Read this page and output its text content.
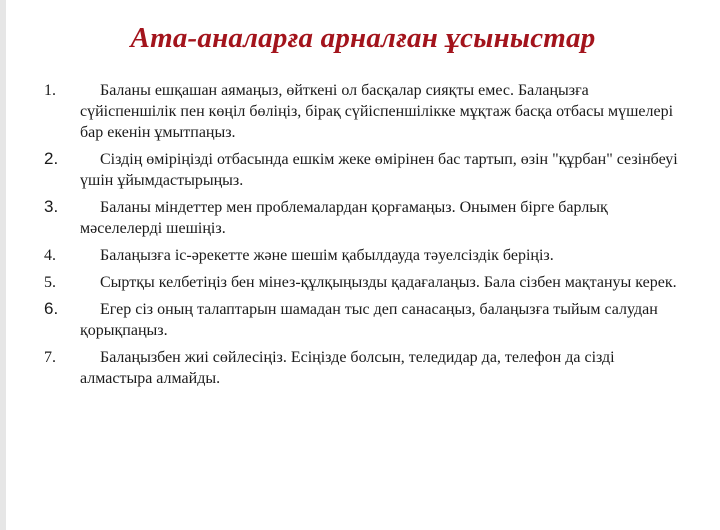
Ата-аналарға арналған ұсыныстар
1.	Баланы ешқашан аямаңыз, өйткені ол басқалар сияқты емес. Балаңызға сүйіспеншілік пен көңіл бөліңіз, бірақ сүйіспеншілікке мұқтаж басқа отбасы мүшелері бар екенін ұмытпаңыз.
2.	Сіздің өміріңізді отбасында ешкім жеке өмірінен бас тартып, өзін "құрбан" сезінбеуі үшін ұйымдастырыңыз.
3.	Баланы міндеттер мен проблемалардан қорғамаңыз. Онымен бірге барлық мәселелерді шешіңіз.
4.	Балаңызға іс-әрекетте және шешім қабылдауда тәуелсіздік беріңіз.
5.	Сыртқы келбетіңіз бен мінез-құлқыңызды қадағалаңыз. Бала сізбен мақтануы керек.
6.	Егер сіз оның талаптарын шамадан тыс деп санасаңыз, балаңызға тыйым салудан қорықпаңыз.
7.	Балаңызбен жиі сөйлесіңіз. Есіңізде болсын, теледидар да, телефон да сізді алмастыра алмайды.
